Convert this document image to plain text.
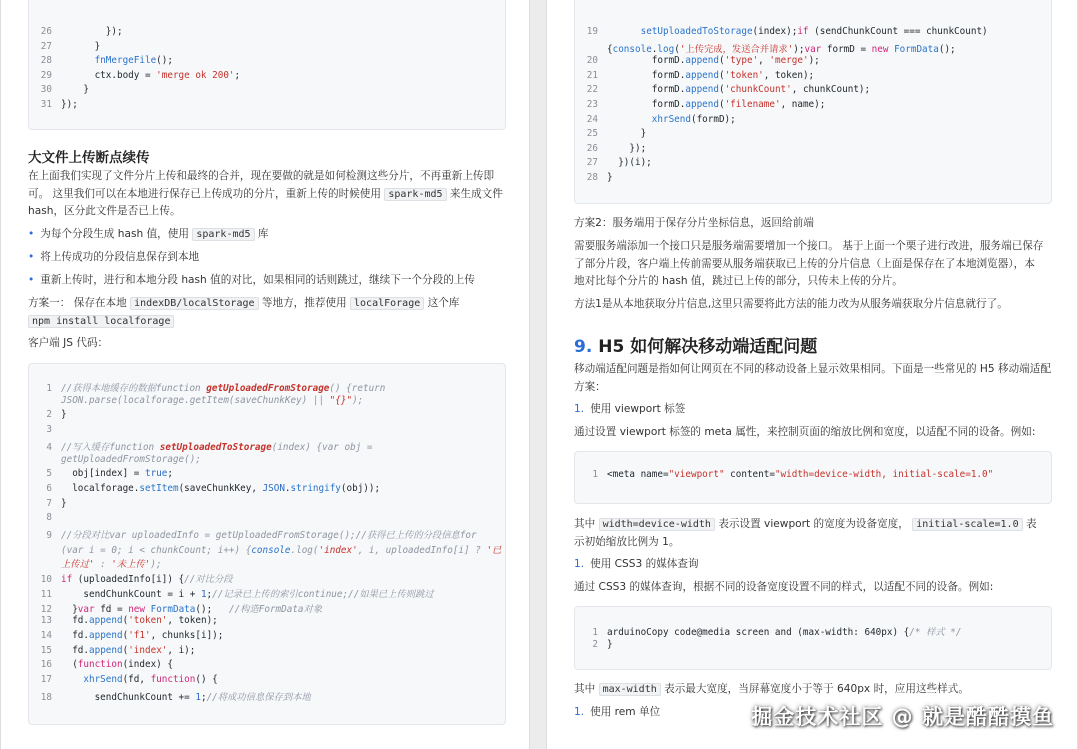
26        });
27      }
28	fnMergeFile();
29      ctx.body = 'merge ok 200';
30    }
31 });
大文件上传断点续传
在上面我们实现了文件分片上传和最终的合并，现在要做的就是如何检测这些分片，不再重新上传即
可。 这里我们可以在本地进行保存已上传成功的分片，重新上传的时候使用 spark-md5 来生成文件
hash，区分此文件是否已上传。
• 为每个分段生成 hash 值，使用 spark-md5 库
• 将上传成功的分段信息保存到本地
• 重新上传时，进行和本地分段 hash 值的对比，如果相同的话则跳过，继续下一个分段的上传
方案一： 保存在本地 indexDB/localStorage 等地方，推荐使用 localForage 这个库
npm install localforage
客户端 JS 代码：
1 //获得本地缓存的数据function getUploadedFromStorage() {return
JSON.parse(localforage.getItem(saveChunkKey) || "{}");
2 }
3
4 //写入缓存function setUploadedToStorage(index) {var obj =
getUploadedFromStorage();
5  obj[index] = true;
6  localforage.setItem(saveChunkKey, JSON.stringify(obj));
7 }
8
9 //分段对比var uploadedInfo = getUploadedFromStorage();//获得已上传的分段信息for
(var i = 0; i < chunkCount; i++) {console.log('index', i, uploadedInfo[i] ? '已
上传过' : '未上传');
10 if (uploadedInfo[i]) {//对比分段
11    sendChunkCount = i + 1;//记录已上传的索引continue;//如果已上传则跳过
12  }var fd = new FormData();   //构造FormData对象
13  fd.append('token', token);
14  fd.append('f1', chunks[i]);
15  fd.append('index', i);
16  (function(index) {
17	xhrSend(fd, function() {
18      sendChunkCount += 1;//将成功信息保存到本地
19	setUploadedToStorage(index);if (sendChunkCount === chunkCount)
{console.log('上传完成，发送合并请求');var formD = new FormData();
20        formD.append('type', 'merge');
21        formD.append('token', token);
22        formD.append('chunkCount', chunkCount);
23        formD.append('filename', name);
24	xhrSend(formD);
25      }
26    });
27  })(i);
28 }
方案2：服务端用于保存分片坐标信息，返回给前端
需要服务端添加一个接口只是服务端需要增加一个接口。 基于上面一个栗子进行改进，服务端已保存
了部分片段，客户端上传前需要从服务端获取已上传的分片信息（上面是保存在了本地浏览器），本
地对比每个分片的 hash 值，跳过已上传的部分，只传未上传的分片。
方法1是从本地获取分片信息,这里只需要将此方法的能力改为从服务端获取分片信息就行了。
9. H5 如何解决移动端适配问题
移动端适配问题是指如何让网页在不同的移动设备上显示效果相同。下面是一些常见的 H5 移动端适配
方案：
1. 使用 viewport 标签
通过设置 viewport 标签的 meta 属性，来控制页面的缩放比例和宽度，以适配不同的设备。例如:
1 <meta name="viewport" content="width=device-width, initial-scale=1.0"
其中 width=device-width 表示设置 viewport 的宽度为设备宽度， initial-scale=1.0 表
示初始缩放比例为 1。
1. 使用 CSS3 的媒体查询
通过 CSS3 的媒体查询，根据不同的设备宽度设置不同的样式，以适配不同的设备。例如:
1 arduinoCopy code@media screen and (max-width: 640px) {/* 样式 */
2 }
其中 max-width 表示最大宽度，当屏幕宽度小于等于 640px 时，应用这些样式。
1. 使用 rem 单位	掘金技术社区 @ 就是酷酷摸鱼
